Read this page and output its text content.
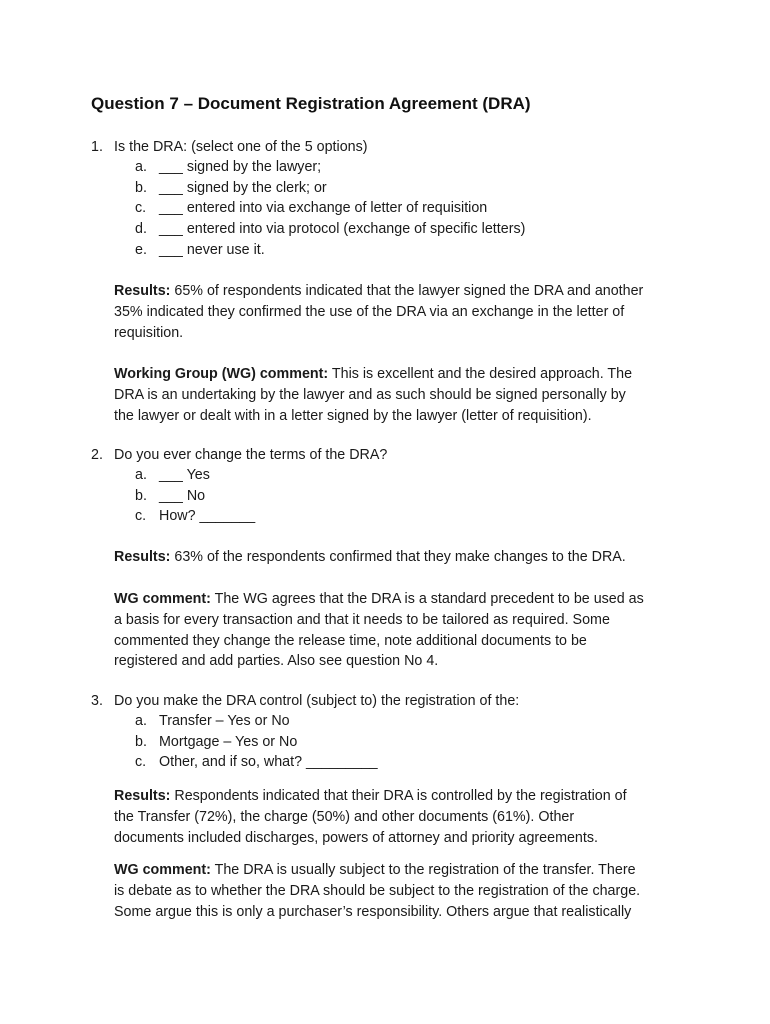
Question 7 – Document Registration Agreement (DRA)
1. Is the DRA: (select one of the 5 options)
a. ___ signed by the lawyer;
b. ___ signed by the clerk; or
c. ___ entered into via exchange of letter of requisition
d. ___ entered into via protocol (exchange of specific letters)
e. ___ never use it.
Results: 65% of respondents indicated that the lawyer signed the DRA and another
35% indicated they confirmed the use of the DRA via an exchange in the letter of
requisition.
Working Group (WG) comment: This is excellent and the desired approach. The
DRA is an undertaking by the lawyer and as such should be signed personally by
the lawyer or dealt with in a letter signed by the lawyer (letter of requisition).
2. Do you ever change the terms of the DRA?
a. ___ Yes
b. ___ No
c. How? _______
Results: 63% of the respondents confirmed that they make changes to the DRA.
WG comment: The WG agrees that the DRA is a standard precedent to be used as
a basis for every transaction and that it needs to be tailored as required. Some
commented they change the release time, note additional documents to be
registered and add parties. Also see question No 4.
3. Do you make the DRA control (subject to) the registration of the:
a. Transfer – Yes or No
b. Mortgage – Yes or No
c. Other, and if so, what? _________
Results: Respondents indicated that their DRA is controlled by the registration of
the Transfer (72%), the charge (50%) and other documents (61%). Other
documents included discharges, powers of attorney and priority agreements.
WG comment: The DRA is usually subject to the registration of the transfer. There
is debate as to whether the DRA should be subject to the registration of the charge.
Some argue this is only a purchaser’s responsibility. Others argue that realistically
